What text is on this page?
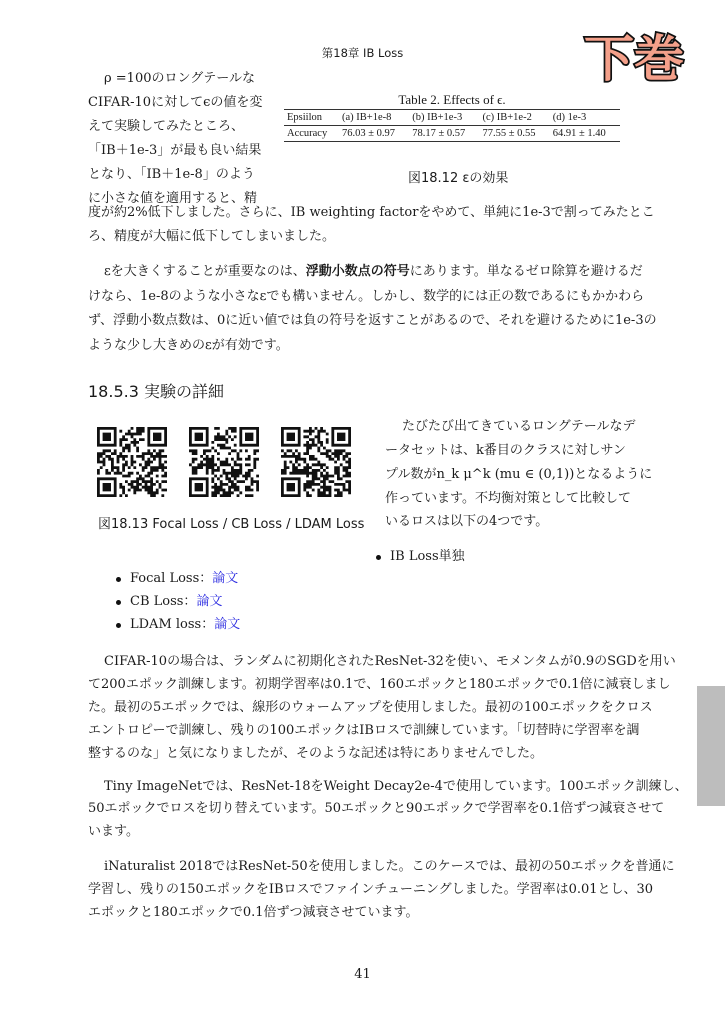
第18章 IB Loss	下巻
ρ =100のロングテールな
CIFAR-10に対してϵの値を変
えて実験してみたところ、
「IB＋1e-3」が最も良い結果
となり、「IB＋1e-8」のよう
に小さな値を適用すると、精
度が約2%低下しました。さらに、IB weighting factorをやめて、単純に1e-3で割ってみたとこ
ろ、精度が大幅に低下してしまいました。
Table 2. Effects of ϵ.
Epsiilon	(a) IB+1e-8	(b) IB+1e-3	(c) IB+1e-2	(d) 1e-3
Accuracy	76.03 ± 0.97	78.17 ± 0.57	77.55 ± 0.55	64.91 ± 1.40
図18.12 εの効果
εを大きくすることが重要なのは、浮動小数点の符号にあります。単なるゼロ除算を避けるだ
けなら、1e-8のような小さなεでも構いません。しかし、数学的には正の数であるにもかかわら
ず、浮動小数点数は、0に近い値では負の符号を返すことがあるので、それを避けるために1e-3の
ような少し大きめのεが有効です。
18.5.3 実験の詳細
図18.13 Focal Loss / CB Loss / LDAM Loss
たびたび出てきているロングテールなデ
ータセットは、k番目のクラスに対しサン
プル数がn_k μ^k (mu ∈ (0,1))となるように
作っています。不均衡対策として比較して
いるロスは以下の4つです。
IB Loss単独
Focal Loss：論文
CB Loss：論文
LDAM loss：論文
CIFAR-10の場合は、ランダムに初期化されたResNet-32を使い、モメンタムが0.9のSGDを用い
て200エポック訓練します。初期学習率は0.1で、160エポックと180エポックで0.1倍に減衰しまし
た。最初の5エポックでは、線形のウォームアップを使用しました。最初の100エポックをクロス
エントロピーで訓練し、残りの100エポックはIBロスで訓練しています。「切替時に学習率を調
整するのな」と気になりましたが、そのような記述は特にありませんでした。
Tiny ImageNetでは、ResNet-18をWeight Decay2e-4で使用しています。100エポック訓練し、
50エポックでロスを切り替えています。50エポックと90エポックで学習率を0.1倍ずつ減衰させて
います。
iNaturalist 2018ではResNet-50を使用しました。このケースでは、最初の50エポックを普通に
学習し、残りの150エポックをIBロスでファインチューニングしました。学習率は0.01とし、30
エポックと180エポックで0.1倍ずつ減衰させています。
41
